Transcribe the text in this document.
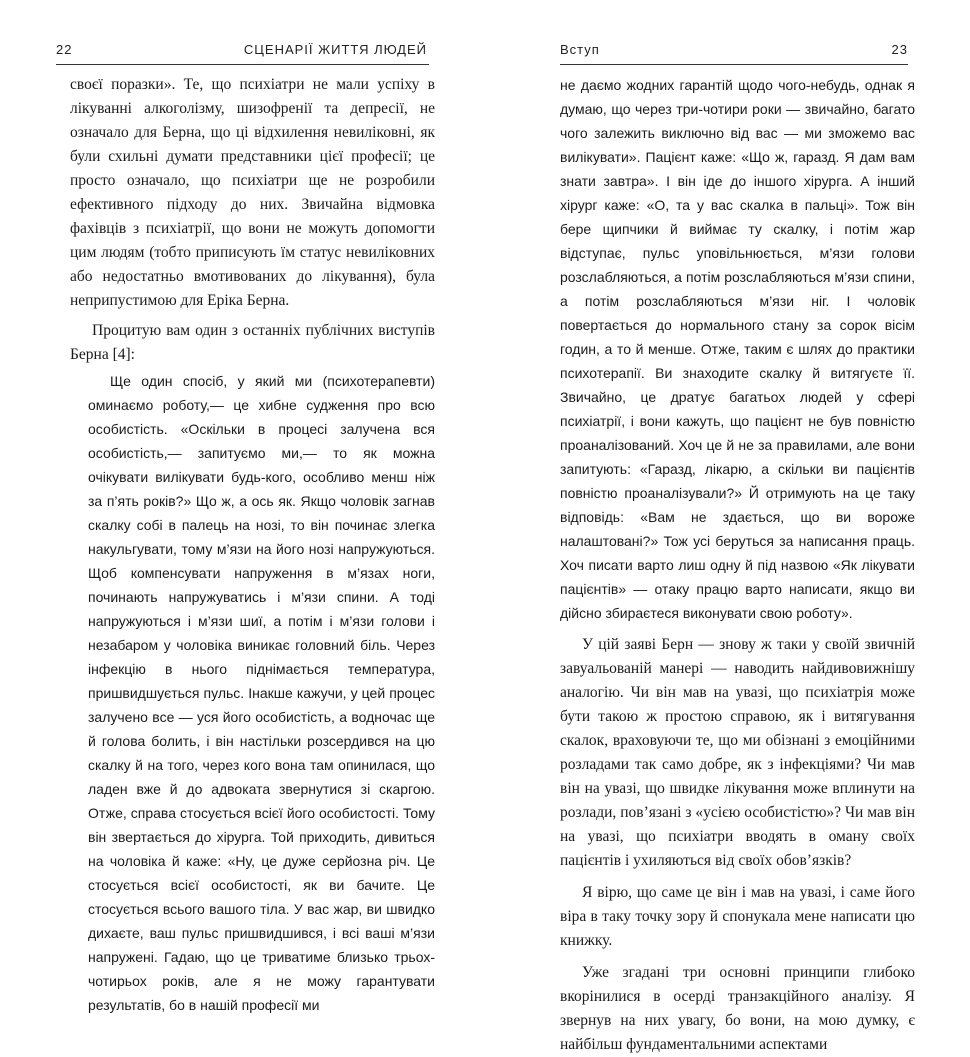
22	СЦЕНАРІЇ ЖИТТЯ ЛЮДЕЙ

своєї поразки». Те, що психіатри не мали успіху в лікуванні алкоголізму, шизофренії та депресії, не означало для Берна, що ці відхилення невиліковні, як були схильні думати представники цієї професії; це просто означало, що психіатри ще не розробили ефективного підходу до них. Звичайна відмовка фахівців з психіатрії, що вони не можуть допомогти цим людям (тобто приписують їм статус невиліковних або недостатньо вмотивованих до лікування), була неприпустимою для Еріка Берна.

Процитую вам один з останніх публічних виступів Берна [4]:

Ще один спосіб, у який ми (психотерапевти) оминаємо роботу,— це хибне судження про всю особистість. «Оскільки в процесі залучена вся особистість,— запитуємо ми,— то як можна очікувати вилікувати будь-кого, особливо менш ніж за п’ять років?» Що ж, а ось як. Якщо чоловік загнав скалку собі в палець на нозі, то він починає злегка накульгувати, тому м’язи на його нозі напружуються. Щоб компенсувати напруження в м’язах ноги, починають напружуватись і м’язи спини. А тоді напружуються і м’язи шиї, а потім і м’язи голови і незабаром у чоловіка виникає головний біль. Через інфекцію в нього піднімається температура, пришвидшується пульс. Інакше кажучи, у цей процес залучено все — уся його особистість, а водночас ще й голова болить, і він настільки розсердився на цю скалку й на того, через кого вона там опинилася, що ладен вже й до адвоката звернутися зі скаргою. Отже, справа стосується всієї його особистості. Тому він звертається до хірурга. Той приходить, дивиться на чоловіка й каже: «Ну, це дуже серйозна річ. Це стосується всієї особистості, як ви бачите. Це стосується всього вашого тіла. У вас жар, ви швидко дихаєте, ваш пульс пришвидшився, і всі ваші м’язи напружені. Гадаю, що це триватиме близько трьох-чотирьох років, але я не можу гарантувати результатів, бо в нашій професії ми

Вступ	23

не даємо жодних гарантій щодо чого-небудь, однак я думаю, що через три-чотири роки — звичайно, багато чого залежить виключно від вас — ми зможемо вас вилікувати». Пацієнт каже: «Що ж, гаразд. Я дам вам знати завтра». І він іде до іншого хірурга. А інший хірург каже: «О, та у вас скалка в пальці». Тож він бере щипчики й виймає ту скалку, і потім жар відступає, пульс уповільнюється, м’язи голови розслабляються, а потім розслабляються м’язи спини, а потім розслабляються м’язи ніг. І чоловік повертається до нормального стану за сорок вісім годин, а то й менше. Отже, таким є шлях до практики психотерапії. Ви знаходите скалку й витягуєте її. Звичайно, це дратує багатьох людей у сфері психіатрії, і вони кажуть, що пацієнт не був повністю проаналізований. Хоч це й не за правилами, але вони запитують: «Гаразд, лікарю, а скільки ви пацієнтів повністю проаналізували?» Й отримують на це таку відповідь: «Вам не здається, що ви вороже налаштовані?» Тож усі беруться за написання праць. Хоч писати варто лиш одну й під назвою «Як лікувати пацієнтів» — отаку працю варто написати, якщо ви дійсно збираєтеся виконувати свою роботу».

У цій заяві Берн — знову ж таки у своїй звичній завуальованій манері — наводить найдивовижнішу аналогію. Чи він мав на увазі, що психіатрія може бути такою ж простою справою, як і витягування скалок, враховуючи те, що ми обізнані з емоційними розладами так само добре, як з інфекціями? Чи мав він на увазі, що швидке лікування може вплинути на розлади, пов’язані з «усією особистістю»? Чи мав він на увазі, що психіатри вводять в оману своїх пацієнтів і ухиляються від своїх обов’язків?

Я вірю, що саме це він і мав на увазі, і саме його віра в таку точку зору й спонукала мене написати цю книжку.

Уже згадані три основні принципи глибоко вкорінилися в осерді транзакційного аналізу. Я звернув на них увагу, бо вони, на мою думку, є найбільш фундаментальними аспектами
